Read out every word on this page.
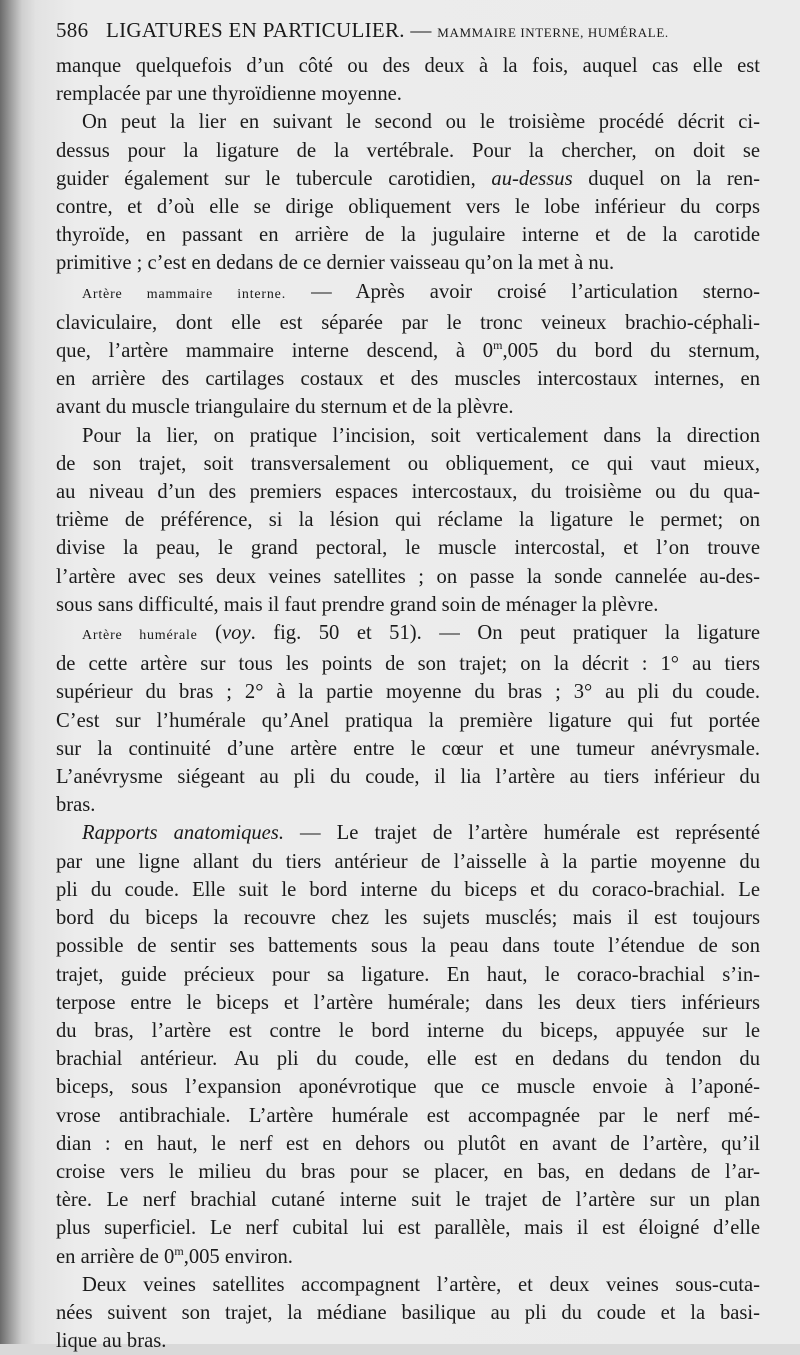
586 LIGATURES EN PARTICULIER. — MAMMAIRE INTERNE, HUMÉRALE.
manque quelquefois d’un côté ou des deux à la fois, auquel cas elle est
remplacée par une thyroïdienne moyenne.
On peut la lier en suivant le second ou le troisième procédé décrit ci-
dessus pour la ligature de la vertébrale. Pour la chercher, on doit se
guider également sur le tubercule carotidien, au-dessus duquel on la ren-
contre, et d’où elle se dirige obliquement vers le lobe inférieur du corps
thyroïde, en passant en arrière de la jugulaire interne et de la carotide
primitive ; c’est en dedans de ce dernier vaisseau qu’on la met à nu.
Artère mammaire interne. — Après avoir croisé l’articulation sterno-
claviculaire, dont elle est séparée par le tronc veineux brachio-céphali-
que, l’artère mammaire interne descend, à 0$^m$,005 du bord du sternum,
en arrière des cartilages costaux et des muscles intercostaux internes, en
avant du muscle triangulaire du sternum et de la plèvre.
Pour la lier, on pratique l’incision, soit verticalement dans la direction
de son trajet, soit transversalement ou obliquement, ce qui vaut mieux,
au niveau d’un des premiers espaces intercostaux, du troisième ou du qua-
trième de préférence, si la lésion qui réclame la ligature le permet; on
divise la peau, le grand pectoral, le muscle intercostal, et l’on trouve
l’artère avec ses deux veines satellites ; on passe la sonde cannelée au-des-
sous sans difficulté, mais il faut prendre grand soin de ménager la plèvre.
Artère humérale (voy. fig. 50 et 51). — On peut pratiquer la ligature
de cette artère sur tous les points de son trajet; on la décrit : 1° au tiers
supérieur du bras ; 2° à la partie moyenne du bras ; 3° au pli du coude.
C’est sur l’humérale qu’Anel pratiqua la première ligature qui fut portée
sur la continuité d’une artère entre le cœur et une tumeur anévrysmale.
L’anévrysme siégeant au pli du coude, il lia l’artère au tiers inférieur du
bras.
Rapports anatomiques. — Le trajet de l’artère humérale est représenté
par une ligne allant du tiers antérieur de l’aisselle à la partie moyenne du
pli du coude. Elle suit le bord interne du biceps et du coraco-brachial. Le
bord du biceps la recouvre chez les sujets musclés; mais il est toujours
possible de sentir ses battements sous la peau dans toute l’étendue de son
trajet, guide précieux pour sa ligature. En haut, le coraco-brachial s’in-
terpose entre le biceps et l’artère humérale; dans les deux tiers inférieurs
du bras, l’artère est contre le bord interne du biceps, appuyée sur le
brachial antérieur. Au pli du coude, elle est en dedans du tendon du
biceps, sous l’expansion aponévrotique que ce muscle envoie à l’aponé-
vrose antibrachiale. L’artère humérale est accompagnée par le nerf mé-
dian : en haut, le nerf est en dehors ou plutôt en avant de l’artère, qu’il
croise vers le milieu du bras pour se placer, en bas, en dedans de l’ar-
tère. Le nerf brachial cutané interne suit le trajet de l’artère sur un plan
plus superficiel. Le nerf cubital lui est parallèle, mais il est éloigné d’elle
en arrière de 0$^m$,005 environ.
Deux veines satellites accompagnent l’artère, et deux veines sous-cuta-
nées suivent son trajet, la médiane basilique au pli du coude et la basi-
lique au bras.
